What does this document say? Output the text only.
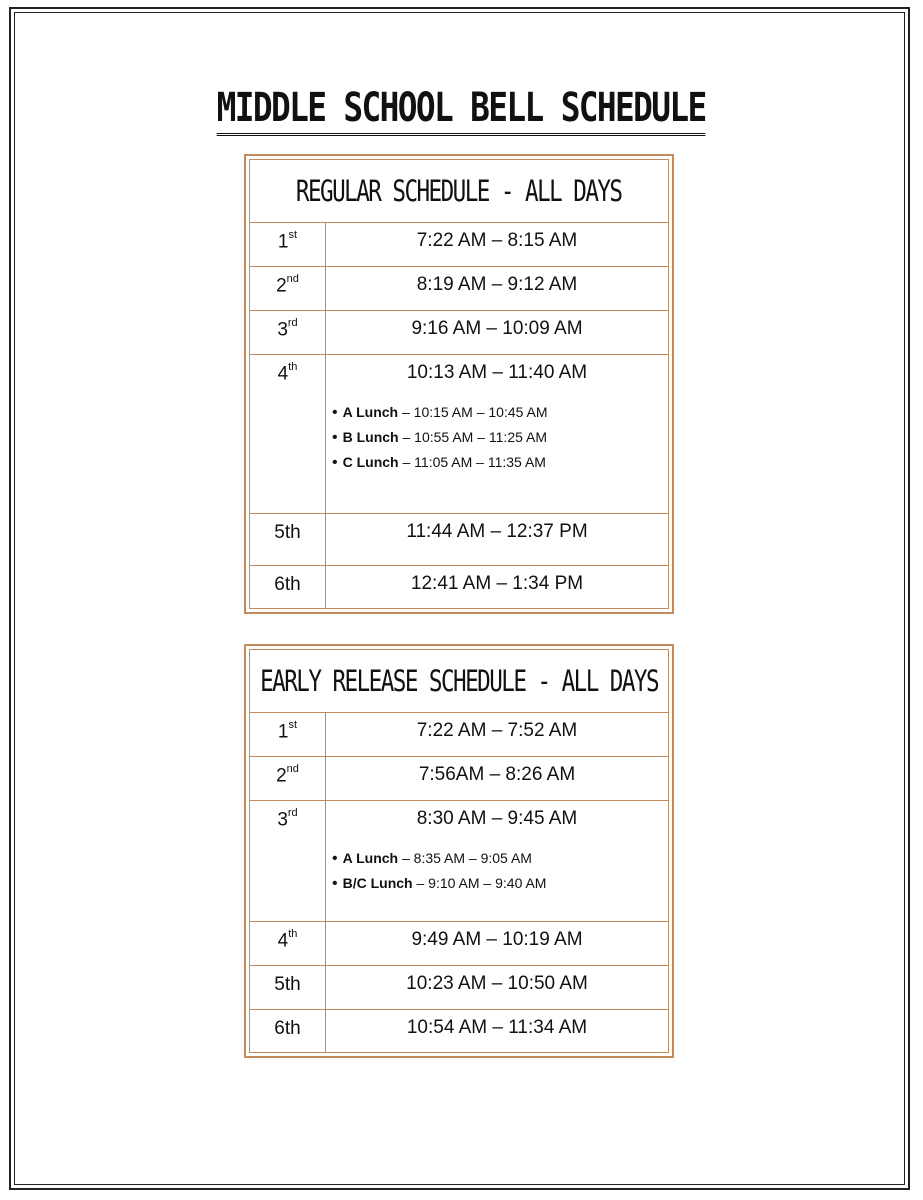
MIDDLE SCHOOL BELL SCHEDULE
REGULAR SCHEDULE - ALL DAYS
1st	7:22 AM – 8:15 AM
2nd	8:19 AM – 9:12 AM
3rd	9:16 AM – 10:09 AM
4th	10:13 AM – 11:40 AM
• A Lunch – 10:15 AM – 10:45 AM
• B Lunch – 10:55 AM – 11:25 AM
• C Lunch – 11:05 AM – 11:35 AM
5th	11:44 AM – 12:37 PM
6th	12:41 AM – 1:34 PM
EARLY RELEASE SCHEDULE - ALL DAYS
1st	7:22 AM – 7:52 AM
2nd	7:56AM – 8:26 AM
3rd	8:30 AM – 9:45 AM
• A Lunch – 8:35 AM – 9:05 AM
• B/C Lunch – 9:10 AM – 9:40 AM
4th	9:49 AM – 10:19 AM
5th	10:23 AM – 10:50 AM
6th	10:54 AM – 11:34 AM
